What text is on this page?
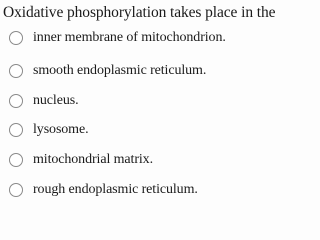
Oxidative phosphorylation takes place in the
inner membrane of mitochondrion.
smooth endoplasmic reticulum.
nucleus.
lysosome.
mitochondrial matrix.
rough endoplasmic reticulum.
